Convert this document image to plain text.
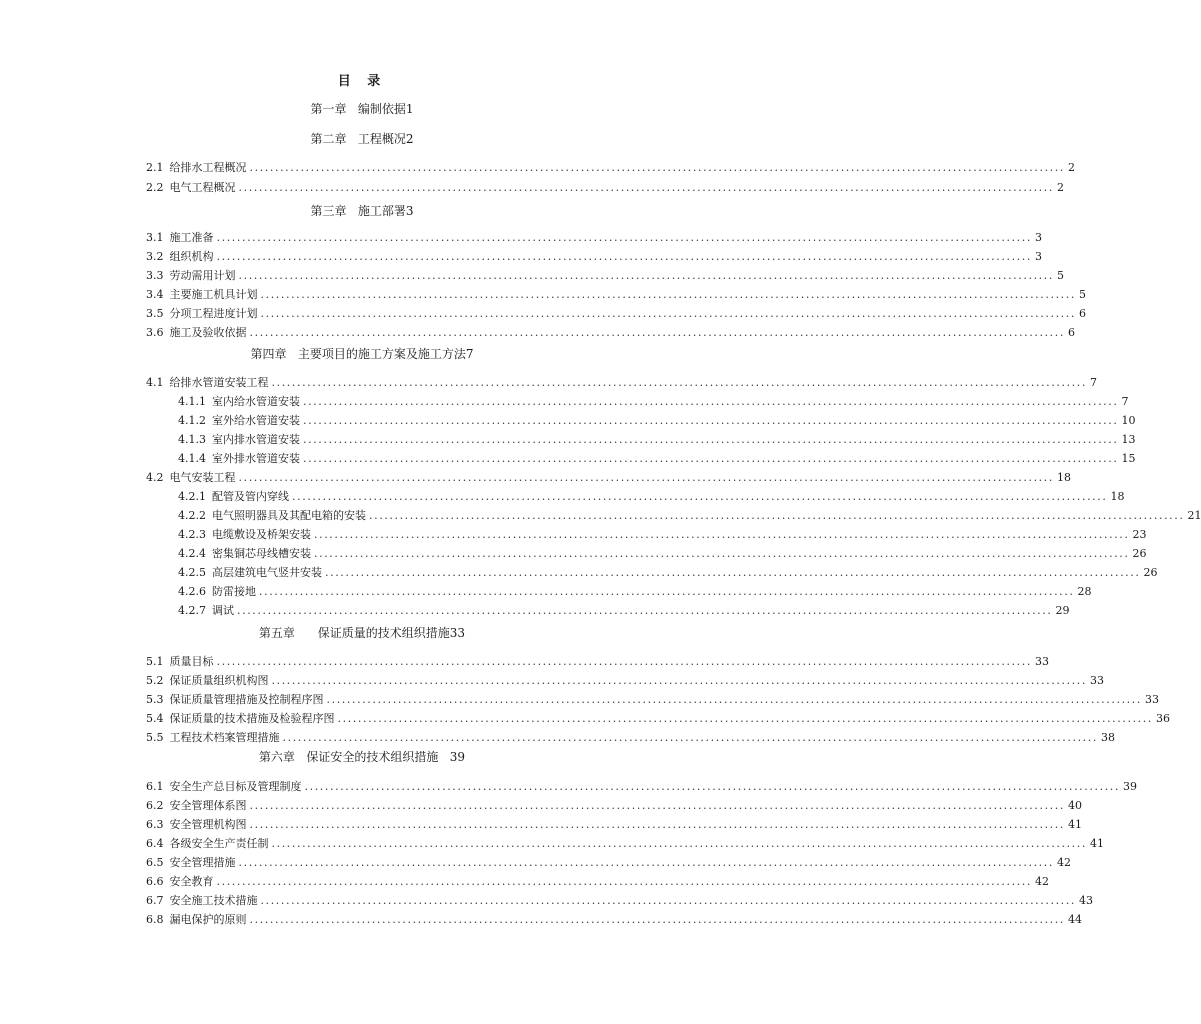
目 录
第一章   编制依据1
第二章   工程概况2
2.1 给排水工程概况 ................................................................................................................................................................ 2
2.2 电气工程概况 ................................................................................................................................................................ 2
第三章   施工部署3
3.1 施工准备 ................................................................................................................................................................ 3
3.2 组织机构 ................................................................................................................................................................ 3
3.3 劳动需用计划 ................................................................................................................................................................ 5
3.4 主要施工机具计划 ................................................................................................................................................................ 5
3.5 分项工程进度计划 ................................................................................................................................................................ 6
3.6 施工及验收依据 ................................................................................................................................................................ 6
第四章   主要项目的施工方案及施工方法7
4.1 给排水管道安装工程 ................................................................................................................................................................ 7
4.1.1 室内给水管道安装 ................................................................................................................................................................ 7
4.1.2 室外给水管道安装 ................................................................................................................................................................ 10
4.1.3 室内排水管道安装 ................................................................................................................................................................ 13
4.1.4 室外排水管道安装 ................................................................................................................................................................ 15
4.2 电气安装工程 ................................................................................................................................................................ 18
4.2.1 配管及管内穿线 ................................................................................................................................................................ 18
4.2.2 电气照明器具及其配电箱的安装 ................................................................................................................................................................ 21
4.2.3 电缆敷设及桥架安装 ................................................................................................................................................................ 23
4.2.4 密集铜芯母线槽安装 ................................................................................................................................................................ 26
4.2.5 高层建筑电气竖井安装 ................................................................................................................................................................ 26
4.2.6 防雷接地 ................................................................................................................................................................ 28
4.2.7 调试 ................................................................................................................................................................ 29
第五章      保证质量的技术组织措施33
5.1 质量目标 ................................................................................................................................................................ 33
5.2 保证质量组织机构图 ................................................................................................................................................................ 33
5.3 保证质量管理措施及控制程序图 ................................................................................................................................................................ 33
5.4 保证质量的技术措施及检验程序图 ................................................................................................................................................................ 36
5.5 工程技术档案管理措施 ................................................................................................................................................................ 38
第六章   保证安全的技术组织措施   39
6.1 安全生产总目标及管理制度 ................................................................................................................................................................ 39
6.2 安全管理体系图 ................................................................................................................................................................ 40
6.3 安全管理机构图 ................................................................................................................................................................ 41
6.4 各级安全生产责任制 ................................................................................................................................................................ 41
6.5 安全管理措施 ................................................................................................................................................................ 42
6.6 安全教育 ................................................................................................................................................................ 42
6.7 安全施工技术措施 ................................................................................................................................................................ 43
6.8 漏电保护的原则 ................................................................................................................................................................ 44
